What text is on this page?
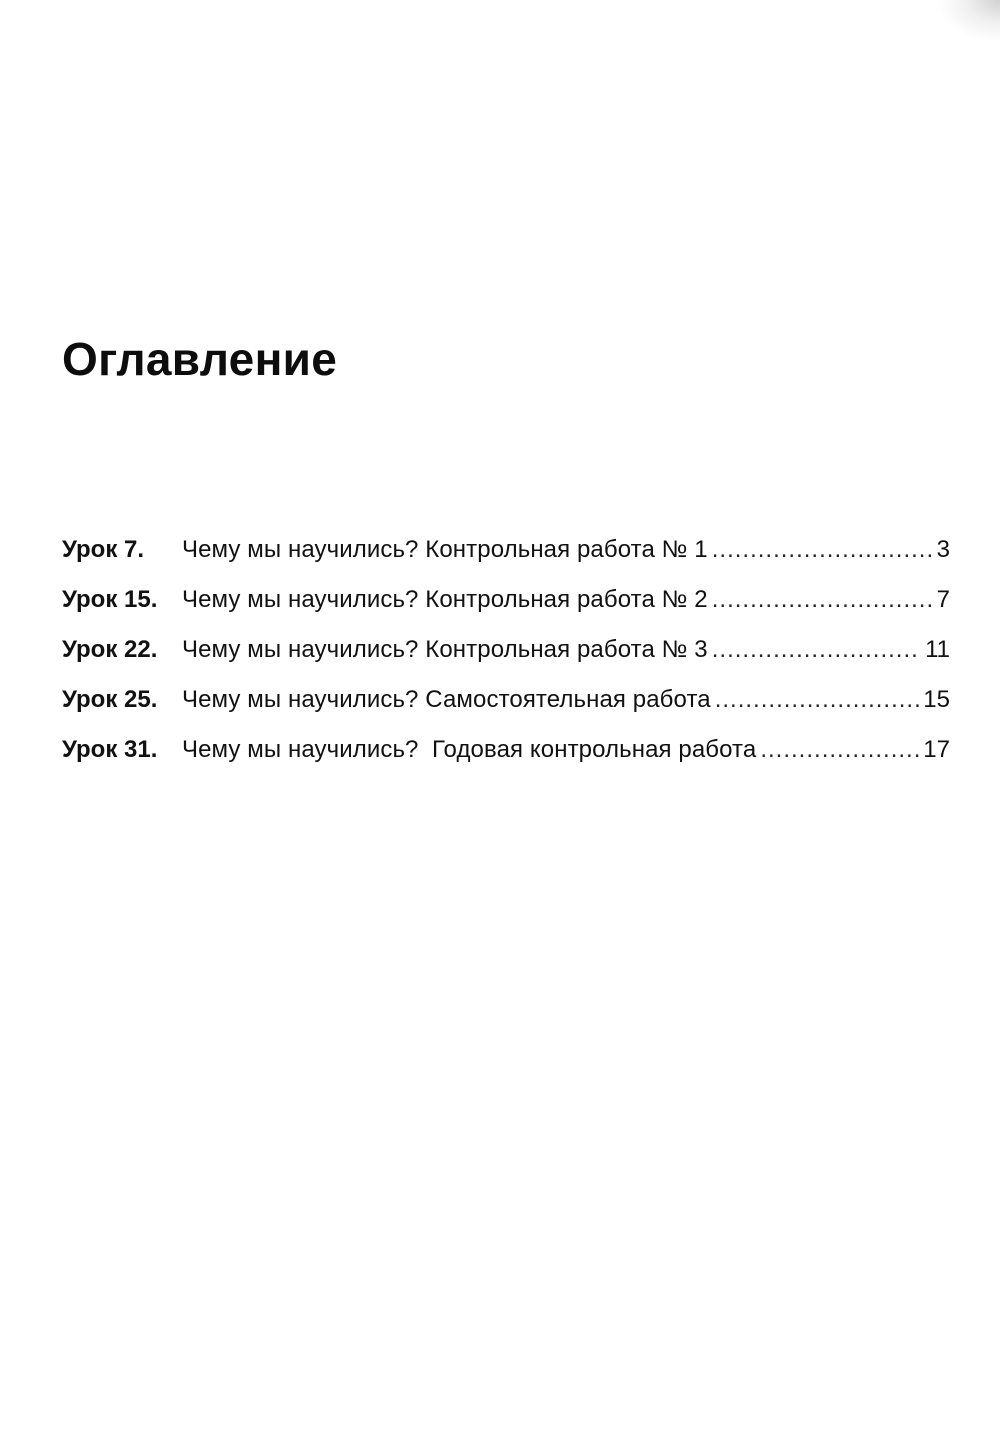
Оглавление
Урок 7.	Чему мы научились? Контрольная работа № 1 .....	3
Урок 15.	Чему мы научились? Контрольная работа № 2 .....	7
Урок 22.	Чему мы научились? Контрольная работа № 3 .....	11
Урок 25.	Чему мы научились? Самостоятельная работа .....	15
Урок 31.	Чему мы научились?  Годовая контрольная работа .....	17
